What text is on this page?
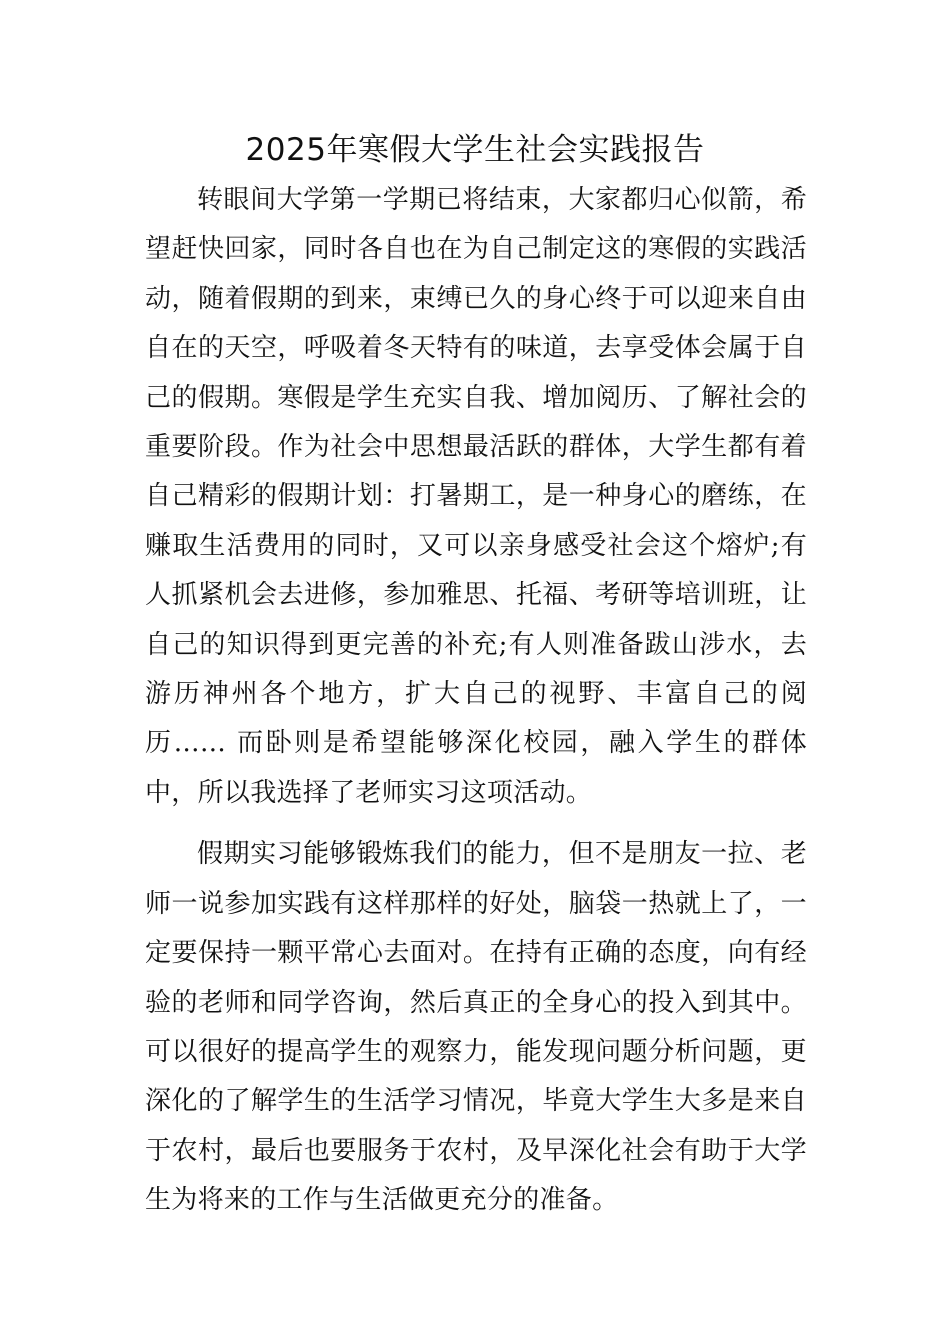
2025年寒假大学生社会实践报告

转眼间大学第一学期已将结束，大家都归心似箭，希望赶快回家，同时各自也在为自己制定这的寒假的实践活动，随着假期的到来，束缚已久的身心终于可以迎来自由自在的天空，呼吸着冬天特有的味道，去享受体会属于自己的假期。寒假是学生充实自我、增加阅历、了解社会的重要阶段。作为社会中思想最活跃的群体，大学生都有着自己精彩的假期计划：打暑期工，是一种身心的磨练，在赚取生活费用的同时，又可以亲身感受社会这个熔炉;有人抓紧机会去进修，参加雅思、托福、考研等培训班，让自己的知识得到更完善的补充;有人则准备跋山涉水，去游历神州各个地方，扩大自己的视野、丰富自己的阅历…… 而卧则是希望能够深化校园，融入学生的群体中，所以我选择了老师实习这项活动。

假期实习能够锻炼我们的能力，但不是朋友一拉、老师一说参加实践有这样那样的好处，脑袋一热就上了，一定要保持一颗平常心去面对。在持有正确的态度，向有经验的老师和同学咨询，然后真正的全身心的投入到其中。可以很好的提高学生的观察力，能发现问题分析问题，更深化的了解学生的生活学习情况，毕竟大学生大多是来自于农村，最后也要服务于农村，及早深化社会有助于大学生为将来的工作与生活做更充分的准备。
